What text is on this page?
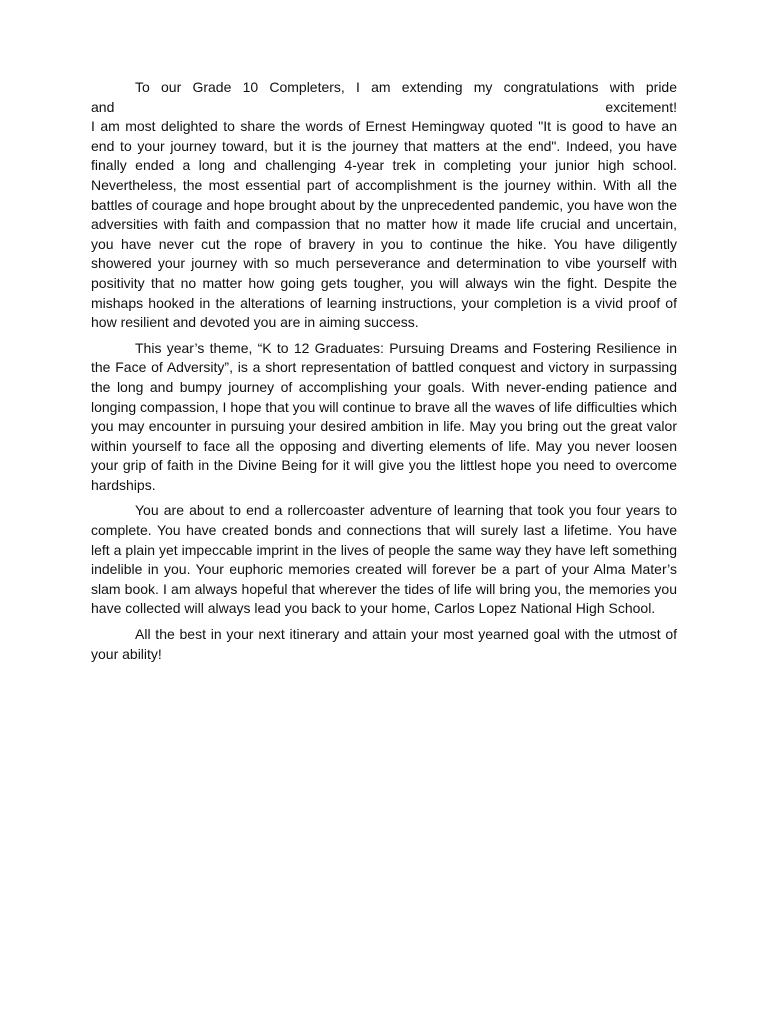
To our Grade 10 Completers, I am extending my congratulations with pride
and excitement!
I am most delighted to share the words of Ernest Hemingway quoted "It is good to have an end to your journey toward, but it is the journey that matters at the end". Indeed, you have finally ended a long and challenging 4-year trek in completing your junior high school. Nevertheless, the most essential part of accomplishment is the journey within. With all the battles of courage and hope brought about by the unprecedented pandemic, you have won the adversities with faith and compassion that no matter how it made life crucial and uncertain, you have never cut the rope of bravery in you to continue the hike. You have diligently showered your journey with so much perseverance and determination to vibe yourself with positivity that no matter how going gets tougher, you will always win the fight. Despite the mishaps hooked in the alterations of learning instructions, your completion is a vivid proof of how resilient and devoted you are in aiming success.

This year’s theme, “K to 12 Graduates: Pursuing Dreams and Fostering Resilience in the Face of Adversity”, is a short representation of battled conquest and victory in surpassing the long and bumpy journey of accomplishing your goals. With never-ending patience and longing compassion, I hope that you will continue to brave all the waves of life difficulties which you may encounter in pursuing your desired ambition in life. May you bring out the great valor within yourself to face all the opposing and diverting elements of life. May you never loosen your grip of faith in the Divine Being for it will give you the littlest hope you need to overcome hardships.

You are about to end a rollercoaster adventure of learning that took you four years to complete. You have created bonds and connections that will surely last a lifetime. You have left a plain yet impeccable imprint in the lives of people the same way they have left something indelible in you. Your euphoric memories created will forever be a part of your Alma Mater’s slam book. I am always hopeful that wherever the tides of life will bring you, the memories you have collected will always lead you back to your home, Carlos Lopez National High School.

All the best in your next itinerary and attain your most yearned goal with the utmost of your ability!
